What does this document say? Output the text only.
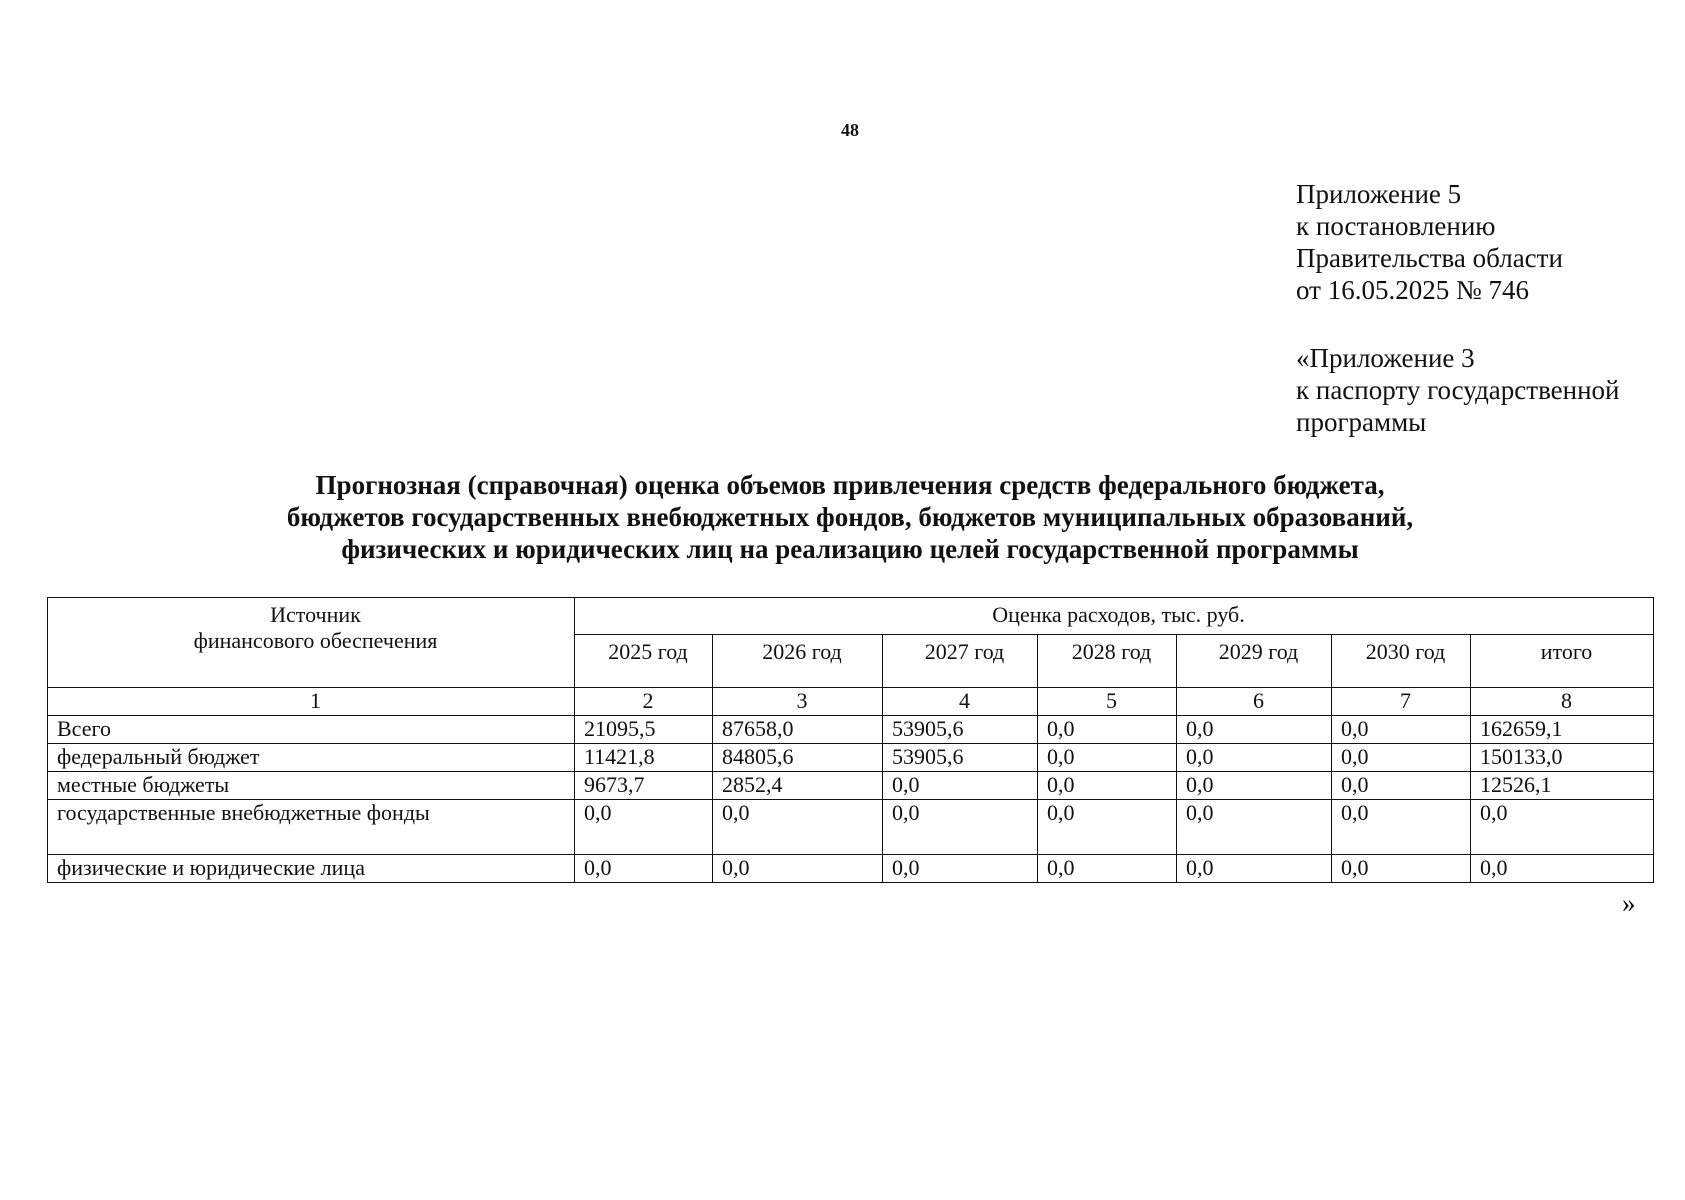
48
Приложение 5
к постановлению
Правительства области
от 16.05.2025 № 746
«Приложение 3
к паспорту государственной
программы
Прогнозная (справочная) оценка объемов привлечения средств федерального бюджета,
бюджетов государственных внебюджетных фондов, бюджетов муниципальных образований,
физических и юридических лиц на реализацию целей государственной программы
Источник
финансового обеспечения	Оценка расходов, тыс. руб.						
	2025 год	2026 год	2027 год	2028 год	2029 год	2030 год	итого
1	2	3	4	5	6	7	8
Всего	21095,5	87658,0	53905,6	0,0	0,0	0,0	162659,1
федеральный бюджет	11421,8	84805,6	53905,6	0,0	0,0	0,0	150133,0
местные бюджеты	9673,7	2852,4	0,0	0,0	0,0	0,0	12526,1
государственные внебюджетные фонды	0,0	0,0	0,0	0,0	0,0	0,0	0,0
физические и юридические лица	0,0	0,0	0,0	0,0	0,0	0,0	0,0
»
